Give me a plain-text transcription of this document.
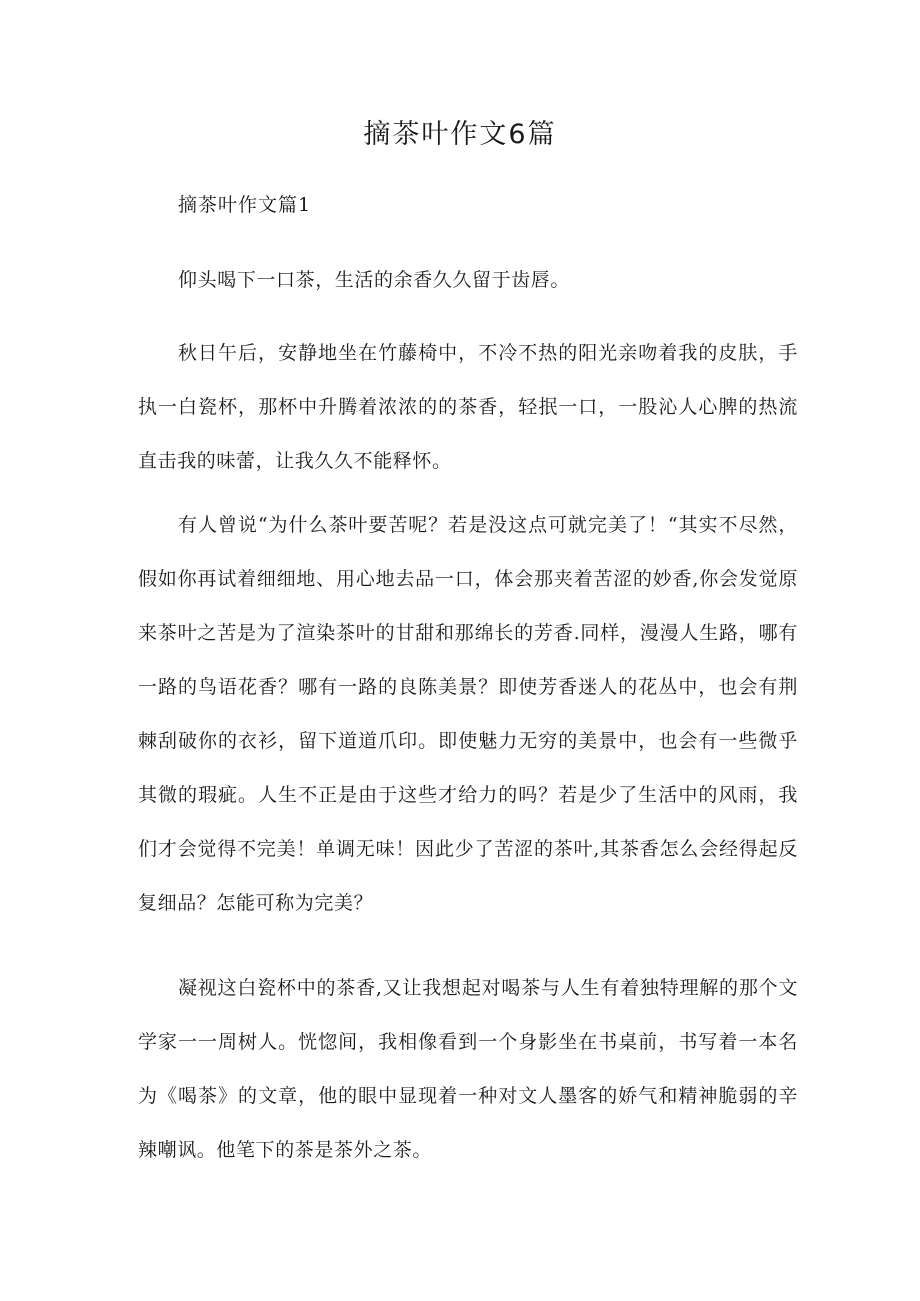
摘茶叶作文6篇
摘茶叶作文篇1

仰头喝下一口茶，生活的余香久久留于齿唇。

秋日午后，安静地坐在竹藤椅中，不冷不热的阳光亲吻着我的皮肤，手执一白瓷杯，那杯中升腾着浓浓的的茶香，轻抿一口，一股沁人心脾的热流直击我的味蕾，让我久久不能释怀。

有人曾说“为什么茶叶要苦呢？若是没这点可就完美了！“其实不尽然，假如你再试着细细地、用心地去品一口，体会那夹着苦涩的妙香,你会发觉原来茶叶之苦是为了渲染茶叶的甘甜和那绵长的芳香.同样，漫漫人生路，哪有一路的鸟语花香？哪有一路的良陈美景？即使芳香迷人的花丛中，也会有荆棘刮破你的衣衫，留下道道爪印。即使魅力无穷的美景中，也会有一些微乎其微的瑕疵。人生不正是由于这些才给力的吗？若是少了生活中的风雨，我们才会觉得不完美！单调无味！因此少了苦涩的茶叶,其茶香怎么会经得起反复细品？怎能可称为完美？

凝视这白瓷杯中的茶香,又让我想起对喝茶与人生有着独特理解的那个文学家一一周树人。恍惚间，我相像看到一个身影坐在书桌前，书写着一本名为《喝茶》的文章，他的眼中显现着一种对文人墨客的娇气和精神脆弱的辛辣嘲讽。他笔下的茶是茶外之茶。
